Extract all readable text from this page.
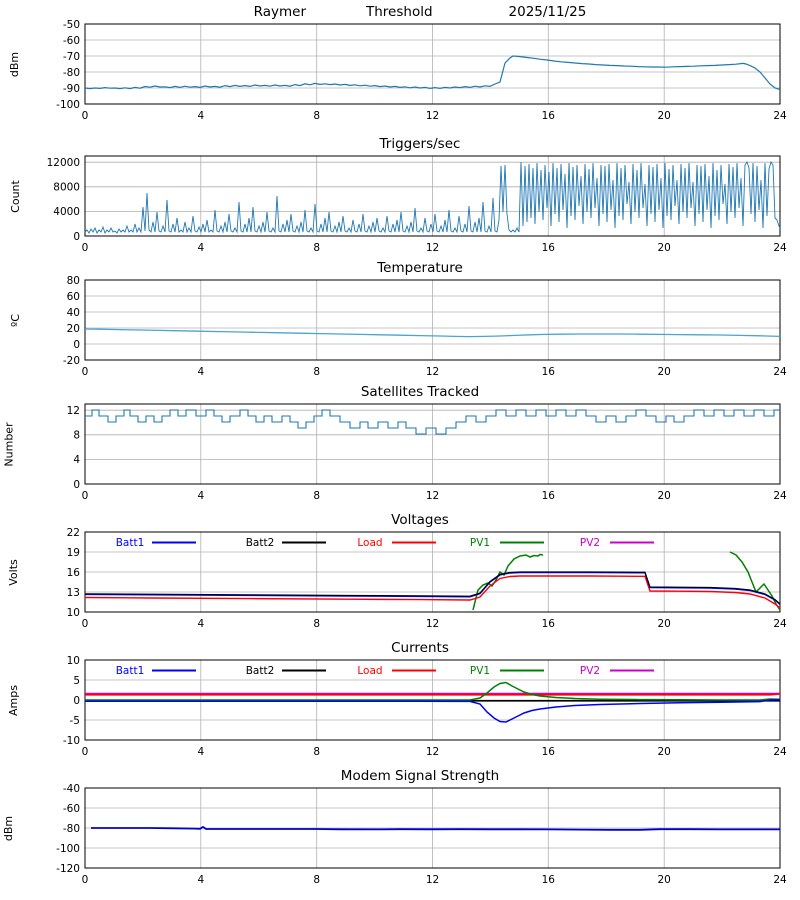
Raymer	Threshold	2025/11/25
dBm
-100
-90
-80
-70
-60
-50
0	4	8	12	16	20	24
Triggers/sec
Count
0
4000
8000
12000
0	4	8	12	16	20	24
Temperature
ºC
-20
0
20
40
60
80
0	4	8	12	16	20	24
Satellites Tracked
Number
0
4
8
12
0	4	8	12	16	20	24
Voltages
Volts
10
13
16
19
22
0	4	8	12	16	20	24
Batt1	Batt2	Load	PV1	PV2
Currents
Amps
-10
-5
0
5
10
0	4	8	12	16	20	24
Batt1	Batt2	Load	PV1	PV2
Modem Signal Strength
dBm
-120
-100
-80
-60
-40
0	4	8	12	16	20	24
